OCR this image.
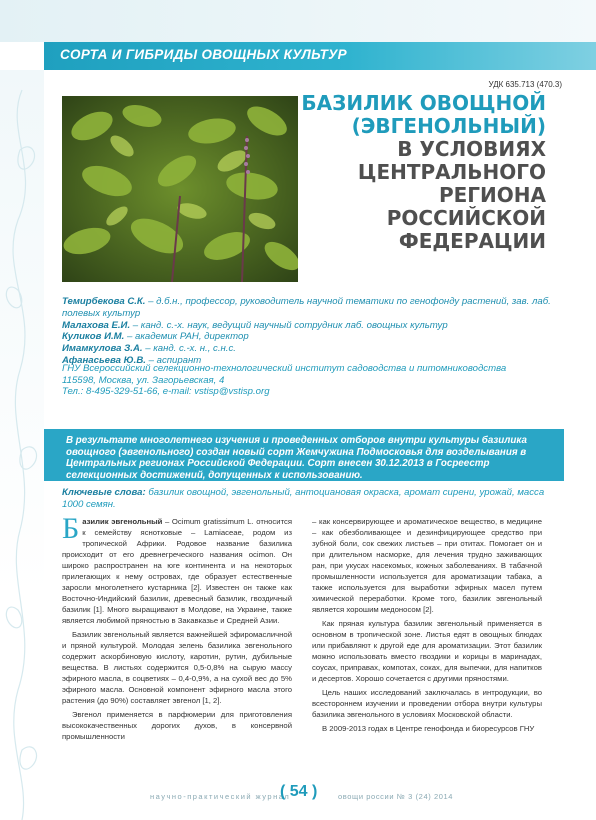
СОРТА И ГИБРИДЫ ОВОЩНЫХ КУЛЬТУР
УДК 635.713 (470.3)
БАЗИЛИК ОВОЩНОЙ
(ЭВГЕНОЛЬНЫЙ)
В УСЛОВИЯХ
ЦЕНТРАЛЬНОГО
РЕГИОНА
РОССИЙСКОЙ
ФЕДЕРАЦИИ
Темирбекова С.К. – д.б.н., профессор, руководитель научной тематики по генофонду растений, зав. лаб. полевых культур
Малахова Е.И. – канд. с.-х. наук, ведущий научный сотрудник лаб. овощных культур
Куликов И.М. – академик РАН, директор
Имамкулова З.А. – канд. с.-х. н., с.н.с.
Афанасьева Ю.В. – аспирант
ГНУ Всероссийский селекционно-технологический институт садоводства и питомниководства
115598, Москва, ул. Загорьевская, 4
Тел.: 8-495-329-51-66, e-mail: vstisp@vstisp.org

В результате многолетнего изучения и проведенных отборов внутри культуры базилика овощного (эвгенольного) создан новый сорт Жемчужина Подмосковья для возделывания в Центральных регионах Российской Федерации. Сорт внесен 30.12.2013 в Госреестр селекционных достижений, допущенных к использованию.

Ключевые слова: базилик овощной, эвгенольный, антоциановая окраска, аромат сирени, урожай, масса 1000 семян.

Базилик эвгенольный – Ocimum gratissimum L. относится к семейству яснотковые – Lamiaceae, родом из тропической Африки. Родовое название базилика происходит от его древнегреческого названия ocimon. Он широко распространен на юге континента и на некоторых прилегающих к нему островах, где образует естественные заросли многолетнего кустарника [2]. Известен он также как Восточно-Индийский базилик, древесный базилик, гвоздичный базилик [1]. Много выращивают в Молдове, на Украине, также является любимой пряностью в Закавказье и Средней Азии.

Базилик эвгенольный является важнейшей эфиромасличной и пряной культурой. Молодая зелень базилика эвгенольного содержит аскорбиновую кислоту, каротин, рутин, дубильные вещества. В листьях содержится 0,5-0,8% на сырую массу эфирного масла, в соцветиях – 0,4-0,9%, а на сухой вес до 5% эфирного масла. Основной компонент эфирного масла этого растения (до 90%) составляет эвгенол [1, 2].

Эвгенол применяется в парфюмерии для приготовления высококачественных дорогих духов, в консервной промышленности

– как консервирующее и ароматическое вещество, в медицине – как обезболивающее и дезинфицирующее средство при зубной боли, сок свежих листьев – при отитах. Помогает он и при длительном насморке, для лечения трудно заживающих ран, при укусах насекомых, кожных заболеваниях. В табачной промышленности используется для ароматизации табака, а также используется для выработки эфирных масел путем химической переработки. Кроме того, базилик эвгенольный является хорошим медоносом [2].

Как пряная культура базилик эвгенольный применяется в основном в тропической зоне. Листья едят в овощных блюдах или прибавляют к другой еде для ароматизации. Этот базилик можно использовать вместо гвоздики и корицы в маринадах, соусах, приправах, компотах, соках, для выпечки, для напитков и десертов. Хорошо сочетается с другими пряностями.

Цель наших исследований заключалась в интродукции, во всестороннем изучении и проведении отбора внутри культуры базилика эвгенольного в условиях Московской области.

В 2009-2013 годах в Центре генофонда и биоресурсов ГНУ

научно-практический журнал
( 54 )	овощи россии № 3 (24) 2014
